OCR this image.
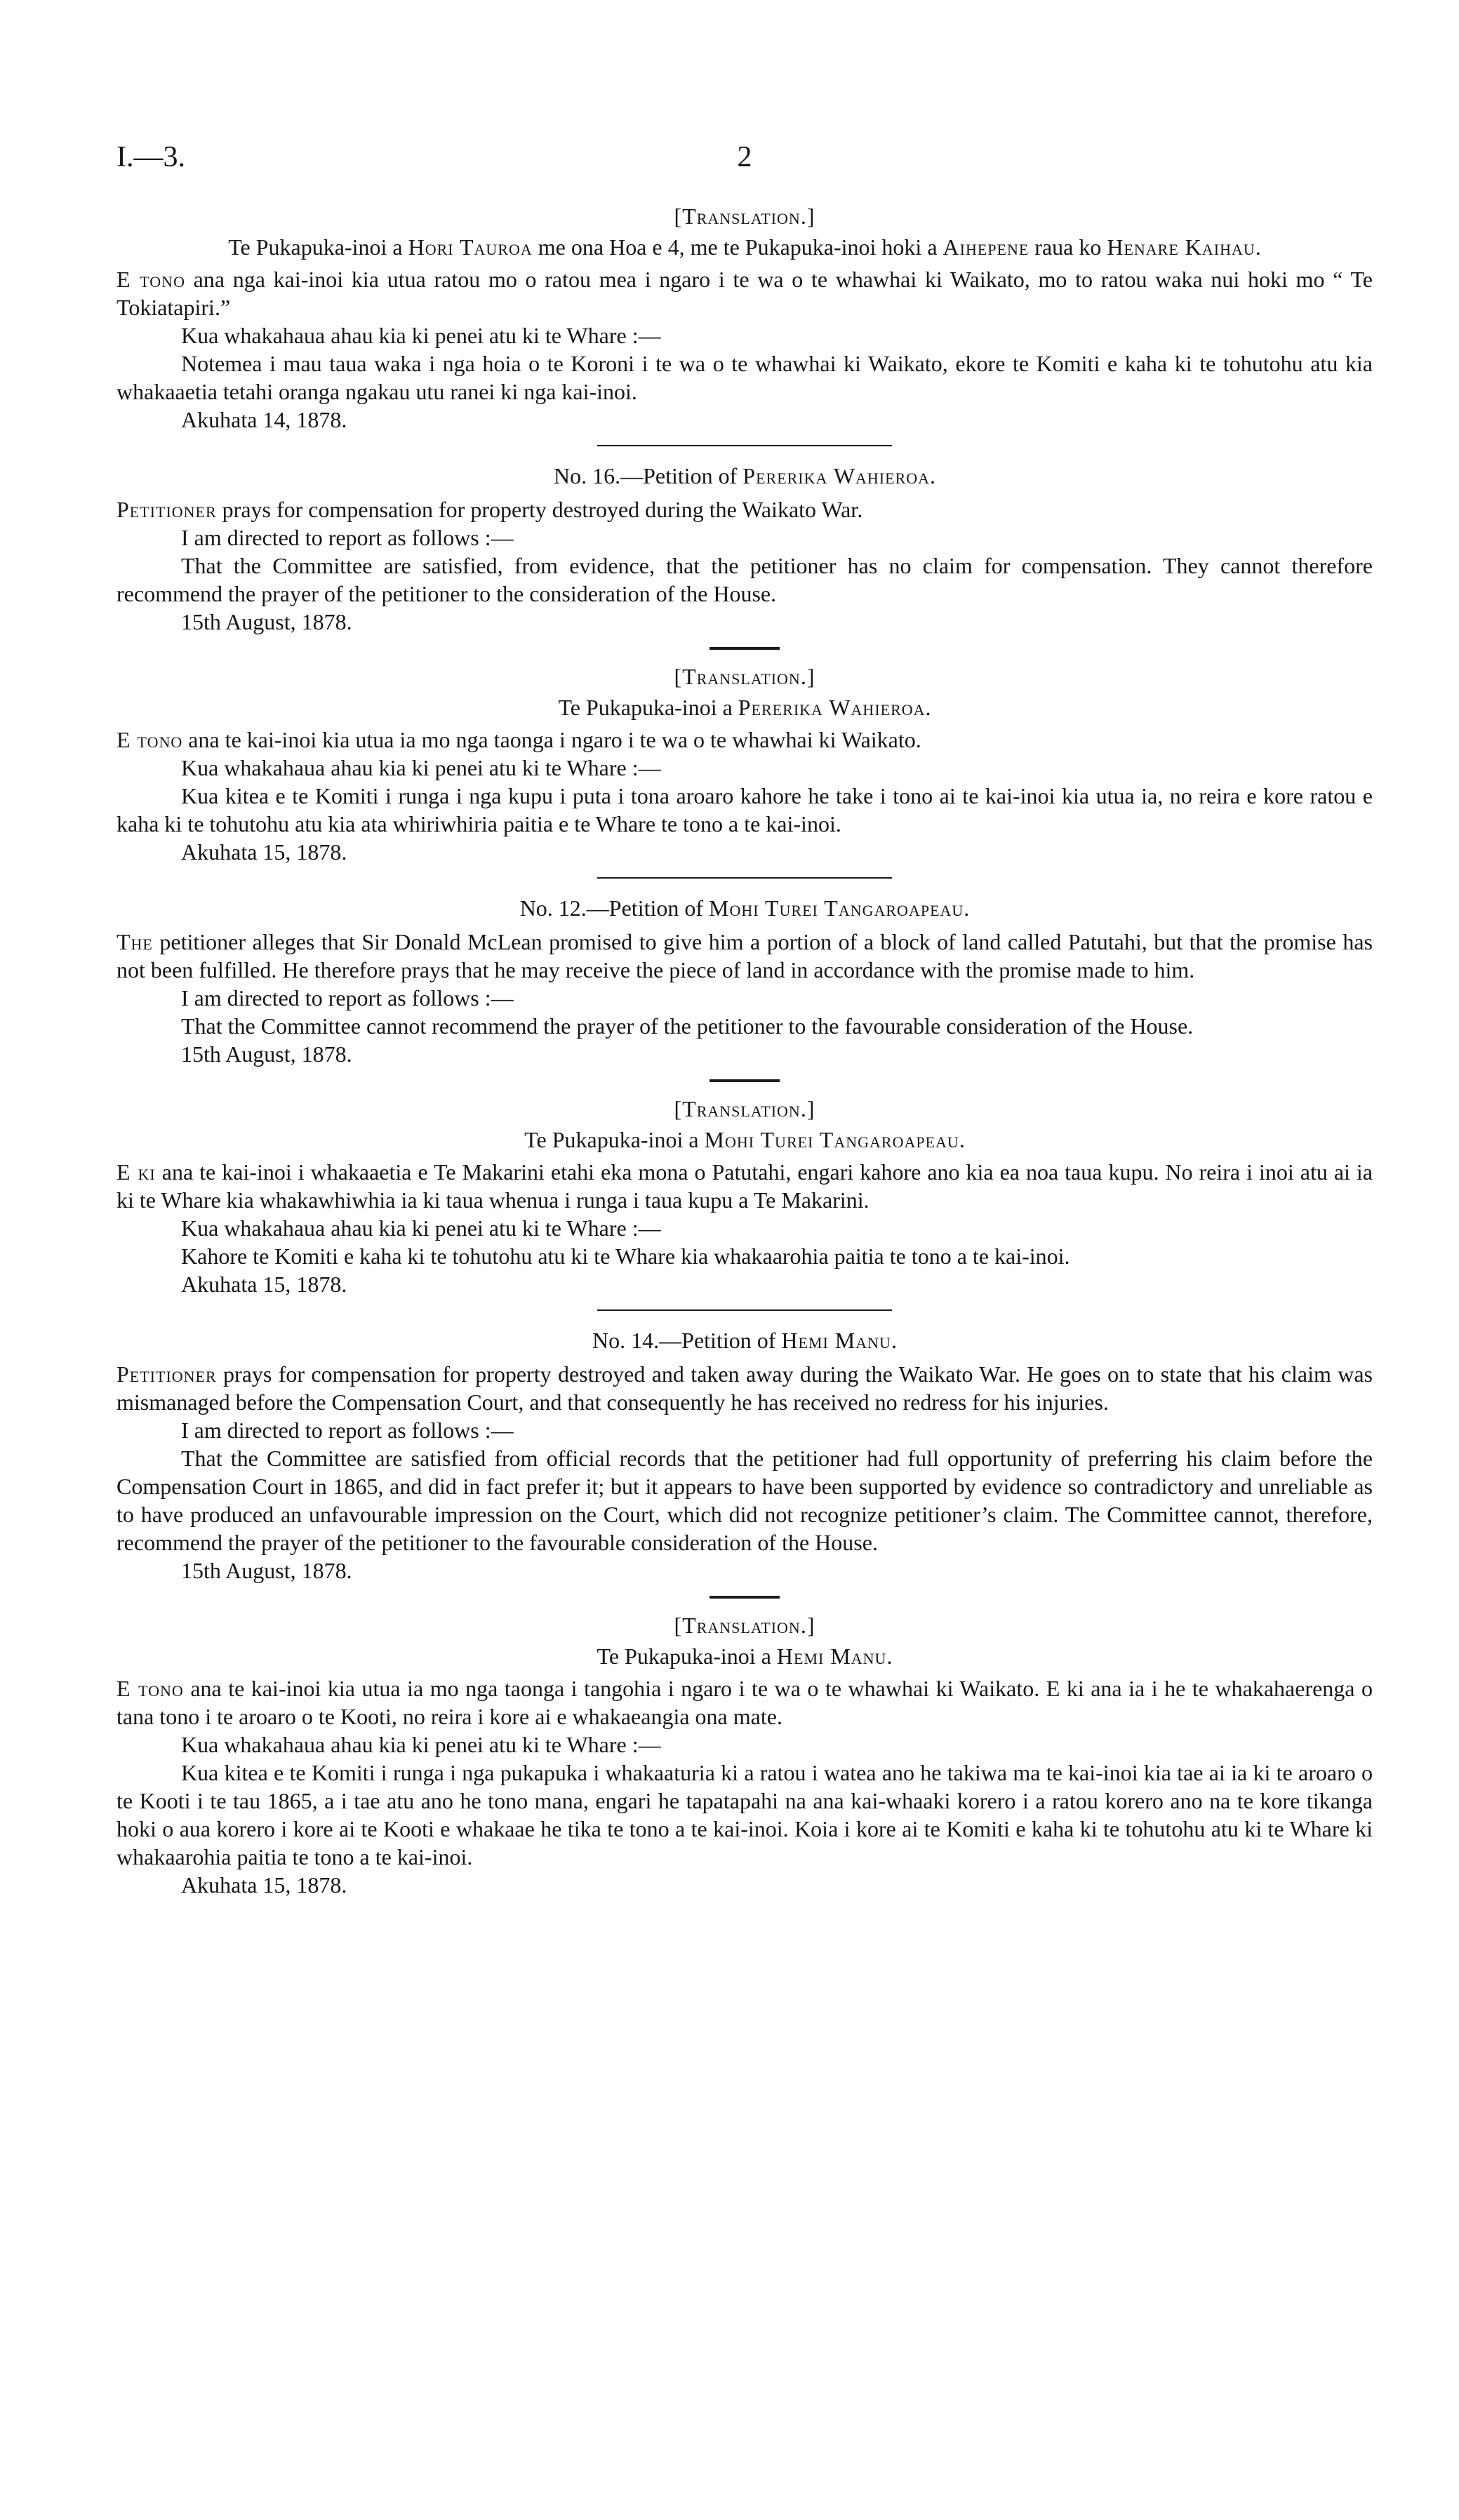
I.—3.	2

[Translation.]

Te Pukapuka-inoi a Hori Tauroa me ona Hoa e 4, me te Pukapuka-inoi hoki a Aihepene raua ko Henare Kaihau.

E tono ana nga kai-inoi kia utua ratou mo o ratou mea i ngaro i te wa o te whawhai ki Waikato, mo to ratou waka nui hoki mo “ Te Tokiatapiri.”

Kua whakahaua ahau kia ki penei atu ki te Whare :—

Notemea i mau taua waka i nga hoia o te Koroni i te wa o te whawhai ki Waikato, ekore te Komiti e kaha ki te tohutohu atu kia whakaaetia tetahi oranga ngakau utu ranei ki nga kai-inoi.

Akuhata 14, 1878.

No. 16.—Petition of Pererika Wahieroa.

Petitioner prays for compensation for property destroyed during the Waikato War.

I am directed to report as follows :—

That the Committee are satisfied, from evidence, that the petitioner has no claim for compensation. They cannot therefore recommend the prayer of the petitioner to the consideration of the House.

15th August, 1878.

[Translation.]

Te Pukapuka-inoi a Pererika Wahieroa.

E tono ana te kai-inoi kia utua ia mo nga taonga i ngaro i te wa o te whawhai ki Waikato.

Kua whakahaua ahau kia ki penei atu ki te Whare :—

Kua kitea e te Komiti i runga i nga kupu i puta i tona aroaro kahore he take i tono ai te kai-inoi kia utua ia, no reira e kore ratou e kaha ki te tohutohu atu kia ata whiriwhiria paitia e te Whare te tono a te kai-inoi.

Akuhata 15, 1878.

No. 12.—Petition of Mohi Turei Tangaroapeau.

The petitioner alleges that Sir Donald McLean promised to give him a portion of a block of land called Patutahi, but that the promise has not been fulfilled. He therefore prays that he may receive the piece of land in accordance with the promise made to him.

I am directed to report as follows :—

That the Committee cannot recommend the prayer of the petitioner to the favourable consideration of the House.

15th August, 1878.

[Translation.]

Te Pukapuka-inoi a Mohi Turei Tangaroapeau.

E ki ana te kai-inoi i whakaaetia e Te Makarini etahi eka mona o Patutahi, engari kahore ano kia ea noa taua kupu. No reira i inoi atu ai ia ki te Whare kia whakawhiwhia ia ki taua whenua i runga i taua kupu a Te Makarini.

Kua whakahaua ahau kia ki penei atu ki te Whare :—

Kahore te Komiti e kaha ki te tohutohu atu ki te Whare kia whakaarohia paitia te tono a te kai-inoi.

Akuhata 15, 1878.

No. 14.—Petition of Hemi Manu.

Petitioner prays for compensation for property destroyed and taken away during the Waikato War. He goes on to state that his claim was mismanaged before the Compensation Court, and that consequently he has received no redress for his injuries.

I am directed to report as follows :—

That the Committee are satisfied from official records that the petitioner had full opportunity of preferring his claim before the Compensation Court in 1865, and did in fact prefer it; but it appears to have been supported by evidence so contradictory and unreliable as to have produced an unfavourable impression on the Court, which did not recognize petitioner’s claim. The Committee cannot, therefore, recommend the prayer of the petitioner to the favourable consideration of the House.

15th August, 1878.

[Translation.]

Te Pukapuka-inoi a Hemi Manu.

E tono ana te kai-inoi kia utua ia mo nga taonga i tangohia i ngaro i te wa o te whawhai ki Waikato. E ki ana ia i he te whakahaerenga o tana tono i te aroaro o te Kooti, no reira i kore ai e whakaeangia ona mate.

Kua whakahaua ahau kia ki penei atu ki te Whare :—

Kua kitea e te Komiti i runga i nga pukapuka i whakaaturia ki a ratou i watea ano he takiwa ma te kai-inoi kia tae ai ia ki te aroaro o te Kooti i te tau 1865, a i tae atu ano he tono mana, engari he tapatapahi na ana kai-whaaki korero i a ratou korero ano na te kore tikanga hoki o aua korero i kore ai te Kooti e whakaae he tika te tono a te kai-inoi. Koia i kore ai te Komiti e kaha ki te tohutohu atu ki te Whare ki whakaarohia paitia te tono a te kai-inoi.

Akuhata 15, 1878.
